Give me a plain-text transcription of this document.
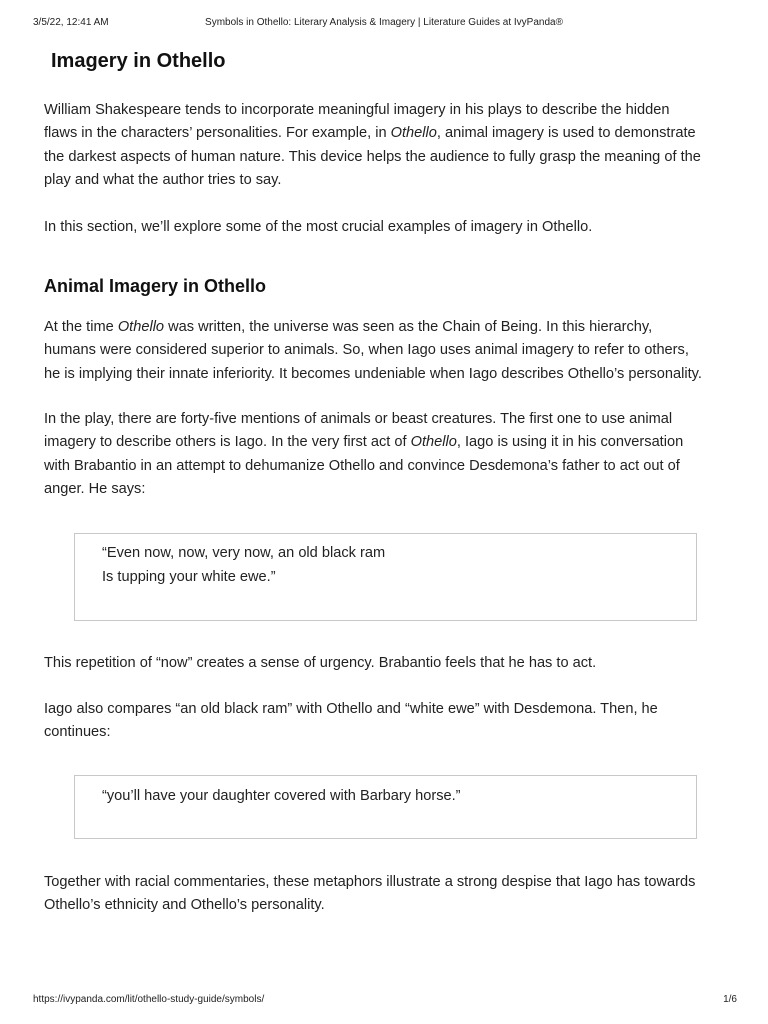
3/5/22, 12:41 AM	Symbols in Othello: Literary Analysis & Imagery | Literature Guides at IvyPanda®
Imagery in Othello
William Shakespeare tends to incorporate meaningful imagery in his plays to describe the hidden
flaws in the characters’ personalities. For example, in Othello, animal imagery is used to demonstrate
the darkest aspects of human nature. This device helps the audience to fully grasp the meaning of the
play and what the author tries to say.
In this section, we’ll explore some of the most crucial examples of imagery in Othello.
Animal Imagery in Othello
At the time Othello was written, the universe was seen as the Chain of Being. In this hierarchy,
humans were considered superior to animals. So, when Iago uses animal imagery to refer to others,
he is implying their innate inferiority. It becomes undeniable when Iago describes Othello’s personality.
In the play, there are forty-five mentions of animals or beast creatures. The first one to use animal
imagery to describe others is Iago. In the very first act of Othello, Iago is using it in his conversation
with Brabantio in an attempt to dehumanize Othello and convince Desdemona’s father to act out of
anger. He says:
“Even now, now, very now, an old black ram
Is tupping your white ewe.”
This repetition of “now” creates a sense of urgency. Brabantio feels that he has to act.
Iago also compares “an old black ram” with Othello and “white ewe” with Desdemona. Then, he
continues:
“you’ll have your daughter covered with Barbary horse.”
Together with racial commentaries, these metaphors illustrate a strong despise that Iago has towards
Othello’s ethnicity and Othello’s personality.
https://ivypanda.com/lit/othello-study-guide/symbols/	1/6
